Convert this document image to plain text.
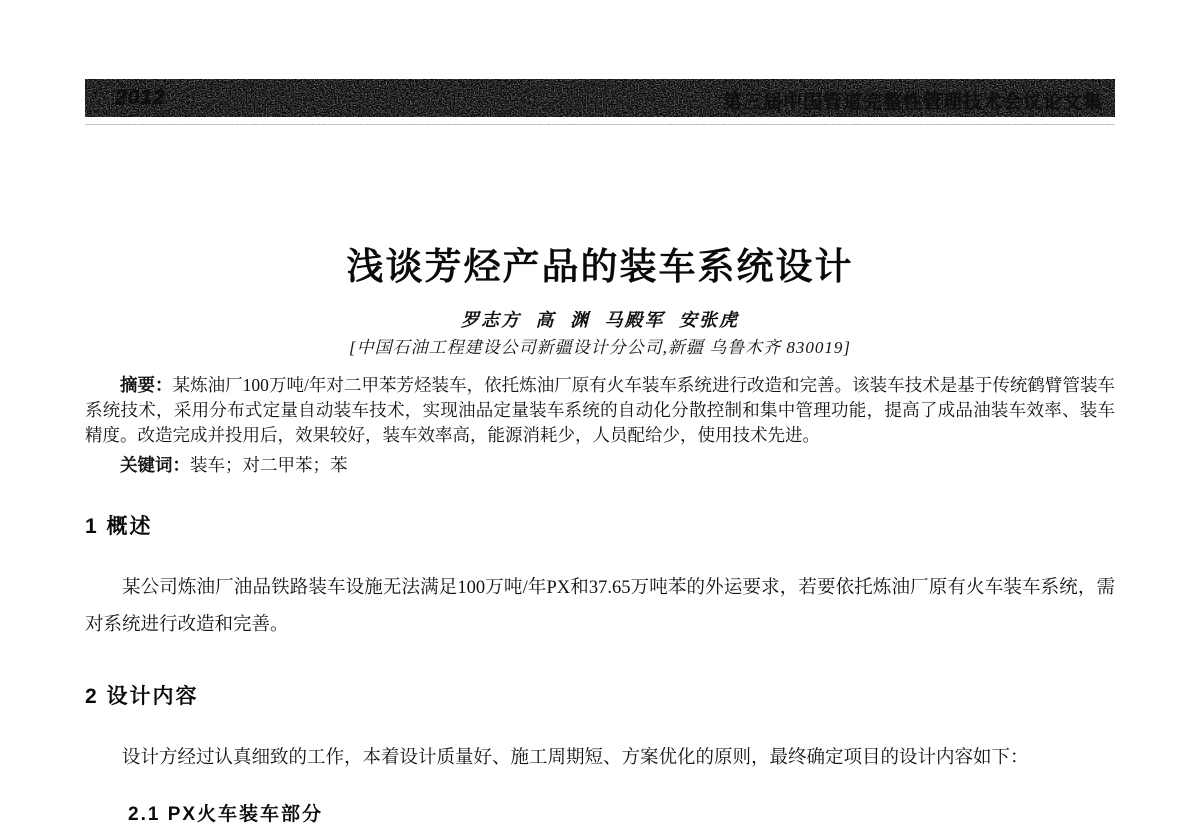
2012	第三届中国管道完整性管理技术会议论文集
浅谈芳烃产品的装车系统设计
罗志方 高 渊 马殿军 安张虎
[中国石油工程建设公司新疆设计分公司,新疆 乌鲁木齐 830019]

摘要：某炼油厂100万吨/年对二甲苯芳烃装车，依托炼油厂原有火车装车系统进行改造和完善。该装车技术是基于传统鹤臂管装车系统技术，采用分布式定量自动装车技术，实现油品定量装车系统的自动化分散控制和集中管理功能，提高了成品油装车效率、装车精度。改造完成并投用后，效果较好，装车效率高，能源消耗少，人员配给少，使用技术先进。

关键词：装车；对二甲苯；苯

1 概述

某公司炼油厂油品铁路装车设施无法满足100万吨/年PX和37.65万吨苯的外运要求，若要依托炼油厂原有火车装车系统，需对系统进行改造和完善。

2 设计内容

设计方经过认真细致的工作，本着设计质量好、施工周期短、方案优化的原则，最终确定项目的设计内容如下：

2.1 PX火车装车部分
